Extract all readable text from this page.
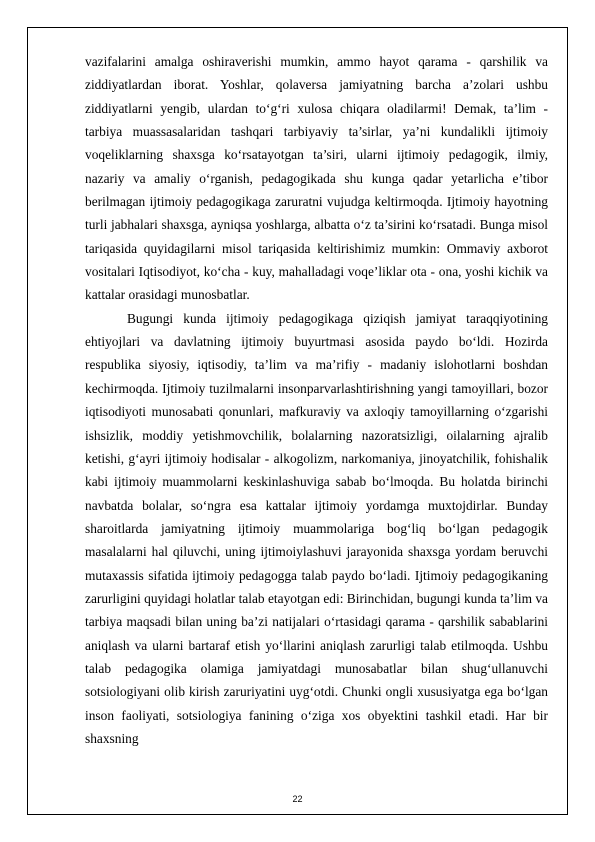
vazifalarini amalga oshiraverishi mumkin, ammo hayot qarama - qarshilik va ziddiyatlardan iborat. Yoshlar, qolaversa jamiyatning barcha a’zolari ushbu ziddiyatlarni yengib, ulardan to‘g‘ri xulosa chiqara oladilarmi! Demak, ta’lim - tarbiya muassasalaridan tashqari tarbiyaviy ta’sirlar, ya’ni kundalikli ijtimoiy voqeliklarning shaxsga ko‘rsatayotgan ta’siri, ularni ijtimoiy pedagogik, ilmiy, nazariy va amaliy o‘rganish, pedagogikada shu kunga qadar yetarlicha e’tibor berilmagan ijtimoiy pedagogikaga zaruratni vujudga keltirmoqda. Ijtimoiy hayotning turli jabhalari shaxsga, ayniqsa yoshlarga, albatta o‘z ta’sirini ko‘rsatadi. Bunga misol tariqasida quyidagilarni misol tariqasida keltirishimiz mumkin: Ommaviy axborot vositalari Iqtisodiyot, ko‘cha - kuy, mahalladagi voqe’liklar ota - ona, yoshi kichik va kattalar orasidagi munosbatlar.

Bugungi kunda ijtimoiy pedagogikaga qiziqish jamiyat taraqqiyotining ehtiyojlari va davlatning ijtimoiy buyurtmasi asosida paydo bo‘ldi. Hozirda respublika siyosiy, iqtisodiy, ta’lim va ma’rifiy - madaniy islohotlarni boshdan kechirmoqda. Ijtimoiy tuzilmalarni insonparvarlashtirishning yangi tamoyillari, bozor iqtisodiyoti munosabati qonunlari, mafkuraviy va axloqiy tamoyillarning o‘zgarishi ishsizlik, moddiy yetishmovchilik, bolalarning nazoratsizligi, oilalarning ajralib ketishi, g‘ayri ijtimoiy hodisalar - alkogolizm, narkomaniya, jinoyatchilik, fohishalik kabi ijtimoiy muammolarni keskinlashuviga sabab bo‘lmoqda. Bu holatda birinchi navbatda bolalar, so‘ngra esa kattalar ijtimoiy yordamga muxtojdirlar. Bunday sharoitlarda jamiyatning ijtimoiy muammolariga bog‘liq bo‘lgan pedagogik masalalarni hal qiluvchi, uning ijtimoiylashuvi jarayonida shaxsga yordam beruvchi mutaxassis sifatida ijtimoiy pedagogga talab paydo bo‘ladi. Ijtimoiy pedagogikaning zarurligini quyidagi holatlar talab etayotgan edi: Birinchidan, bugungi kunda ta’lim va tarbiya maqsadi bilan uning ba’zi natijalari o‘rtasidagi qarama - qarshilik sabablarini aniqlash va ularni bartaraf etish yo‘llarini aniqlash zarurligi talab etilmoqda. Ushbu talab pedagogika olamiga jamiyatdagi munosabatlar bilan shug‘ullanuvchi sotsiologiyani olib kirish zaruriyatini uyg‘otdi. Chunki ongli xususiyatga ega bo‘lgan inson faoliyati, sotsiologiya fanining o‘ziga xos obyektini tashkil etadi. Har bir shaxsning

22
